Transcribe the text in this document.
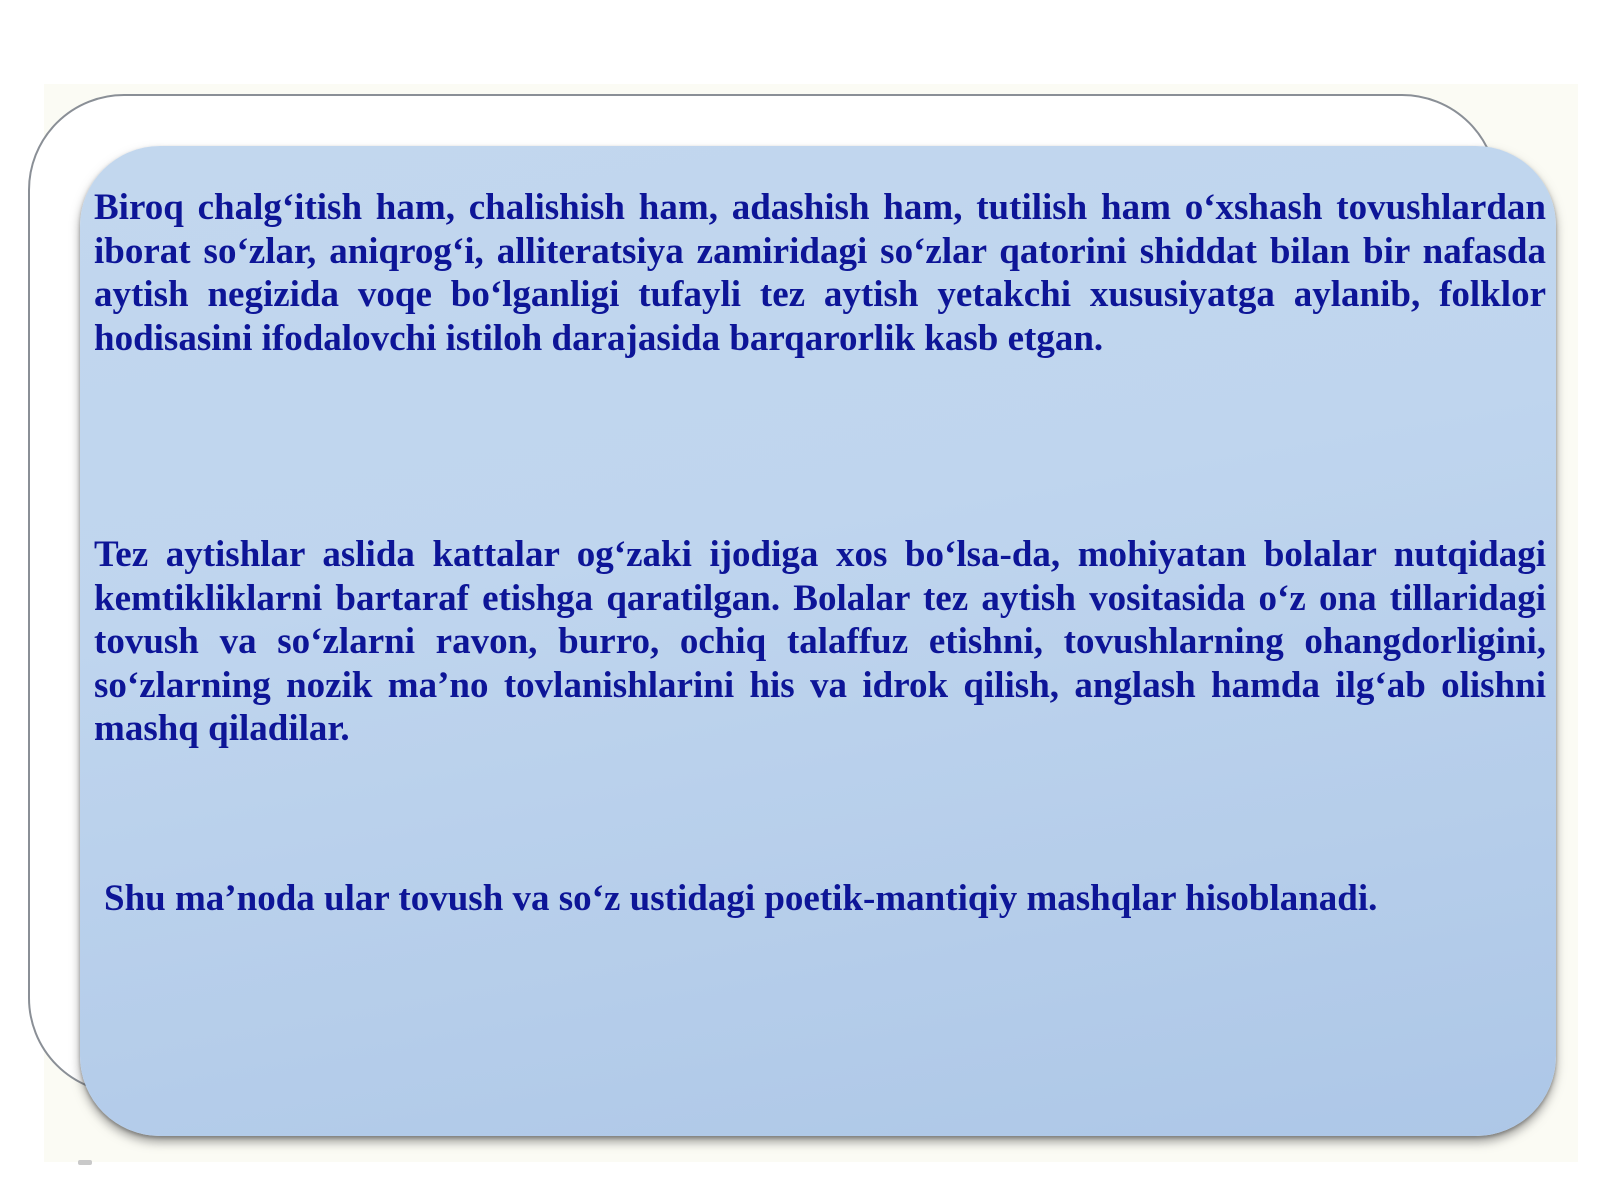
Biroq chalg‘itish ham, chalishish ham, adashish ham, tutilish ham o‘xshash tovushlardan iborat so‘zlar, aniqrog‘i, alliteratsiya zamiridagi so‘zlar qatorini shiddat bilan bir nafasda aytish negizida voqe bo‘lganligi tufayli tez aytish yetakchi xususiyatga aylanib, folklor hodisasini ifodalovchi istiloh darajasida barqarorlik kasb etgan.

Tez aytishlar aslida kattalar og‘zaki ijodiga xos bo‘lsa-da, mohiyatan bolalar nutqidagi kemtikliklarni bartaraf etishga qaratilgan. Bolalar tez aytish vositasida o‘z ona tillaridagi tovush va so‘zlarni ravon, burro, ochiq talaffuz etishni, tovushlarning ohangdorligini, so‘zlarning nozik ma’no tovlanishlarini his va idrok qilish, anglash hamda ilg‘ab olishni mashq qiladilar.

Shu ma’noda ular tovush va so‘z ustidagi poetik-mantiqiy mashqlar hisoblanadi.
